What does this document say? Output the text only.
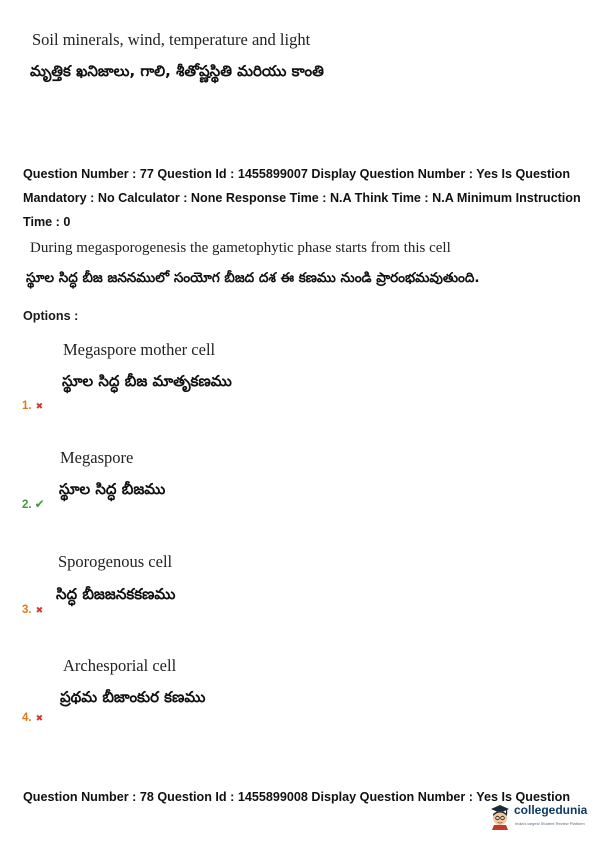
Soil minerals, wind, temperature and light
మృత్తిక ఖనిజాలు, గాలి, శీతోష్ణస్థితి మరియు కాంతి
Question Number : 77 Question Id : 1455899007 Display Question Number : Yes Is Question
Mandatory : No Calculator : None Response Time : N.A Think Time : N.A Minimum Instruction
Time : 0
During megasporogenesis the gametophytic phase starts from this cell
స్థూల సిద్ధ బీజ జననములో సంయోగ బీజద దశ ఈ కణము నుండి ప్రారంభమవుతుంది.
Options :
Megaspore mother cell
స్థూల సిద్ధ బీజ మాతృకణము
1. ✖
Megaspore
స్థూల సిద్ధ బీజము
2. ✔
Sporogenous cell
సిద్ధ బీజజనకకణము
3. ✖
Archesporial cell
ప్రథమ బీజాంకుర కణము
4. ✖
Question Number : 78 Question Id : 1455899008 Display Question Number : Yes Is Question
collegedunia
India's largest Student Review Platform
